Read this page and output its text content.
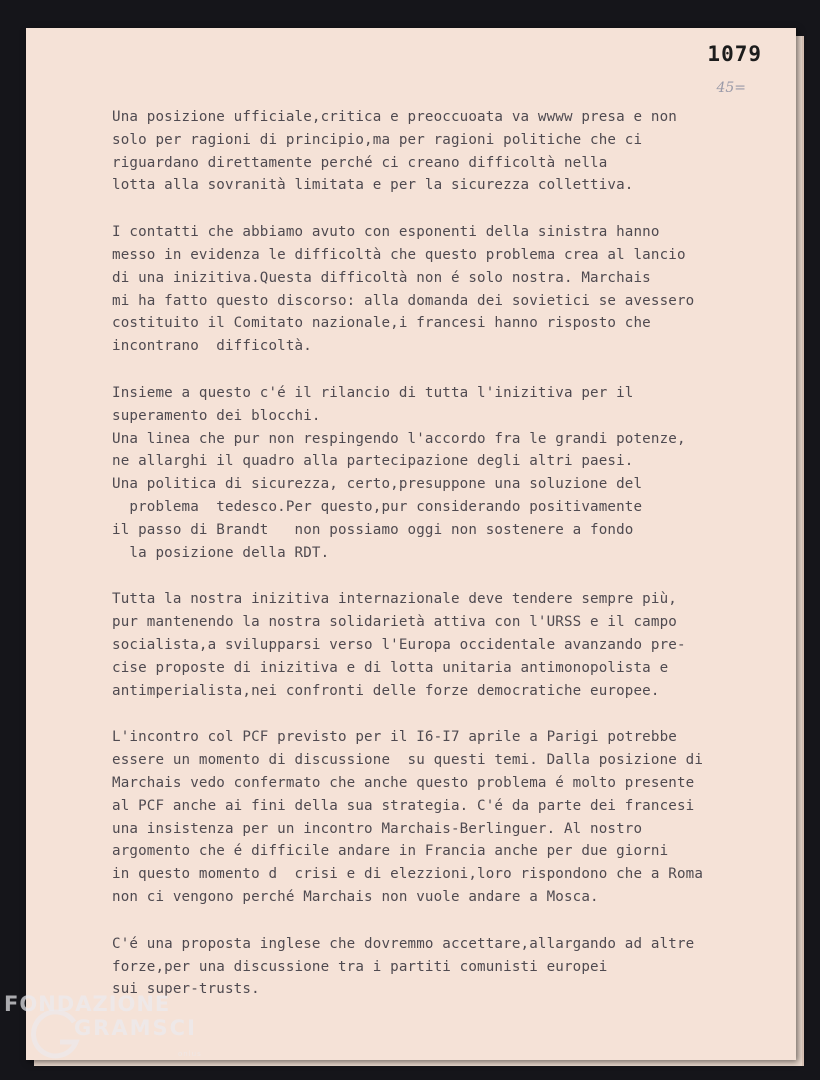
1079
45=
Una posizione ufficiale,critica e preoccuoata va wwww presa e non
solo per ragioni di principio,ma per ragioni politiche che ci
riguardano direttamente perché ci creano difficoltà nella
lotta alla sovranità limitata e per la sicurezza collettiva.
I contatti che abbiamo avuto con esponenti della sinistra hanno
messo in evidenza le difficoltà che questo problema crea al lancio
di una inizitiva.Questa difficoltà non é solo nostra. Marchais
mi ha fatto questo discorso: alla domanda dei sovietici se avessero
costituito il Comitato nazionale,i francesi hanno risposto che
incontrano  difficoltà.
Insieme a questo c'é il rilancio di tutta l'inizitiva per il
superamento dei blocchi.
Una linea che pur non respingendo l'accordo fra le grandi potenze,
ne allarghi il quadro alla partecipazione degli altri paesi.
Una politica di sicurezza, certo,presuppone una soluzione del
problema  tedesco.Per questo,pur considerando positivamente
il passo di Brandt   non possiamo oggi non sostenere a fondo
la posizione della RDT.
Tutta la nostra inizitiva internazionale deve tendere sempre più,
pur mantenendo la nostra solidarietà attiva con l'URSS e il campo
socialista,a svilupparsi verso l'Europa occidentale avanzando pre-
cise proposte di inizitiva e di lotta unitaria antimonopolista e
antimperialista,nei confronti delle forze democratiche europee.
L'incontro col PCF previsto per il I6-I7 aprile a Parigi potrebbe
essere un momento di discussione  su questi temi. Dalla posizione di
Marchais vedo confermato che anche questo problema é molto presente
al PCF anche ai fini della sua strategia. C'é da parte dei francesi
una insistenza per un incontro Marchais-Berlinguer. Al nostro
argomento che é difficile andare in Francia anche per due giorni
in questo momento d  crisi e di elezzioni,loro rispondono che a Roma
non ci vengono perché Marchais non vuole andare a Mosca.
C'é una proposta inglese che dovremmo accettare,allargando ad altre
forze,per una discussione tra i partiti comunisti europei
sui super-trusts.
FONDAZIONE
GRAMSCI
onlus
